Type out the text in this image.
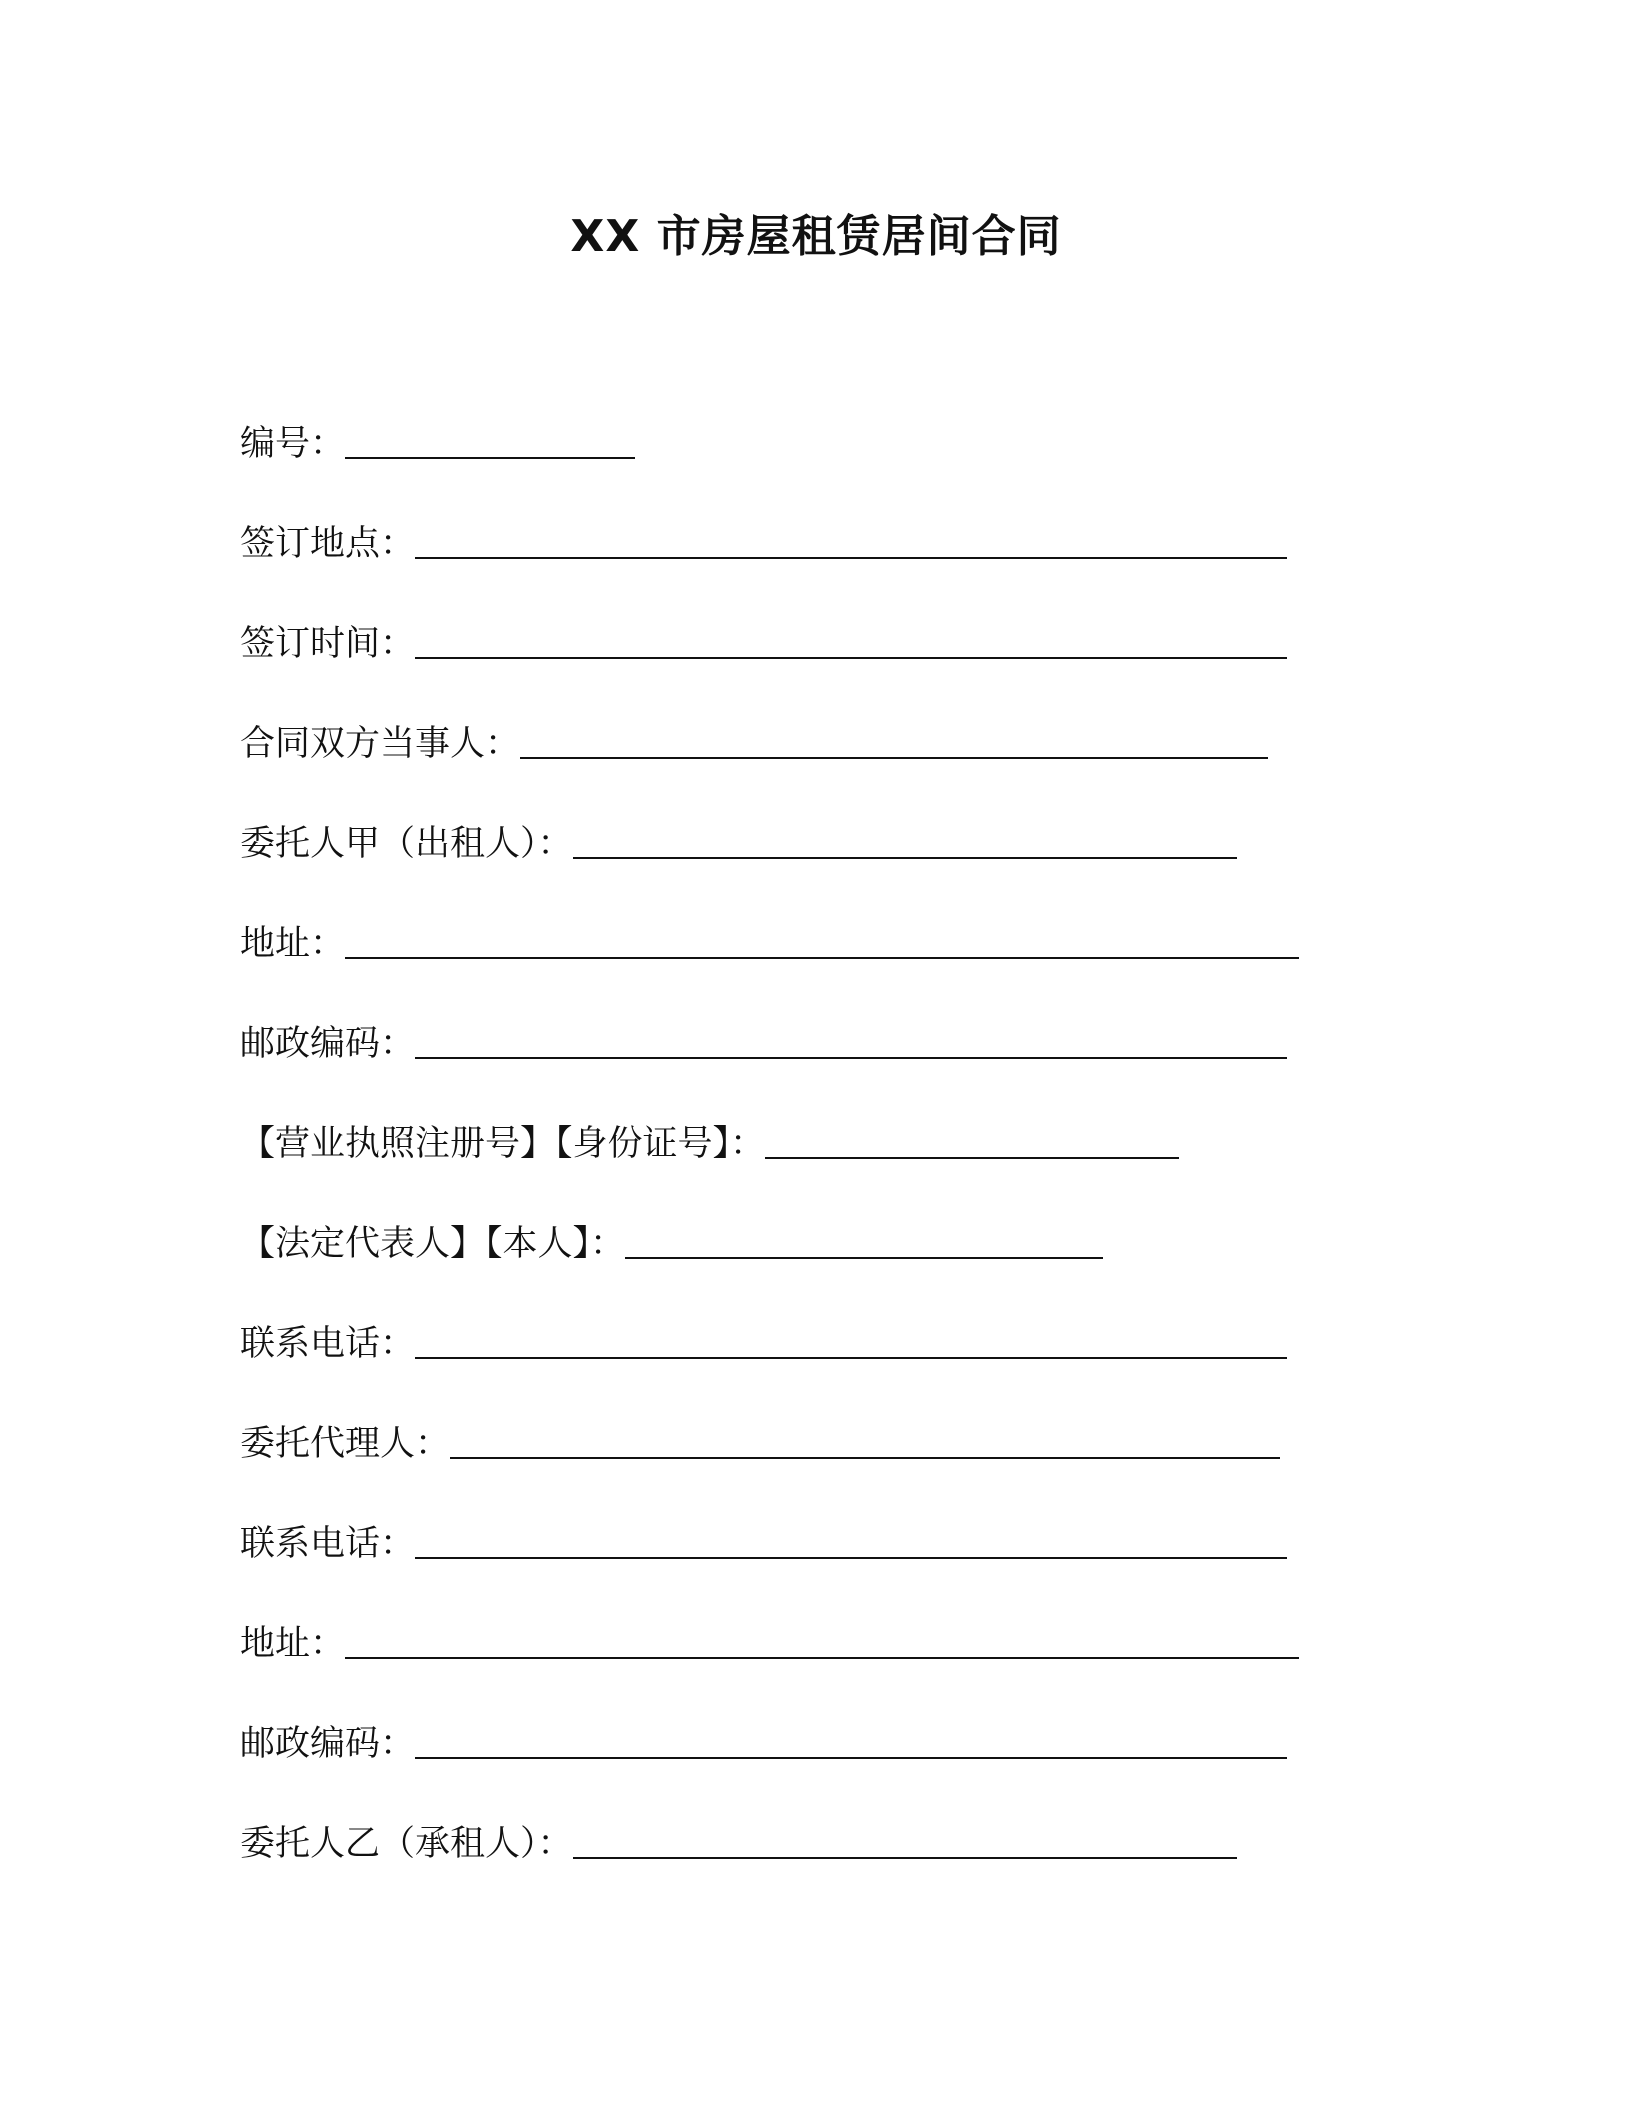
XX 市房屋租赁居间合同
编号：
签订地点：
签订时间：
合同双方当事人：
委托人甲（出租人）：
地址：
邮政编码：
【营业执照注册号】【身份证号】：
【法定代表人】【本人】：
联系电话：
委托代理人：
联系电话：
地址：
邮政编码：
委托人乙（承租人）：
